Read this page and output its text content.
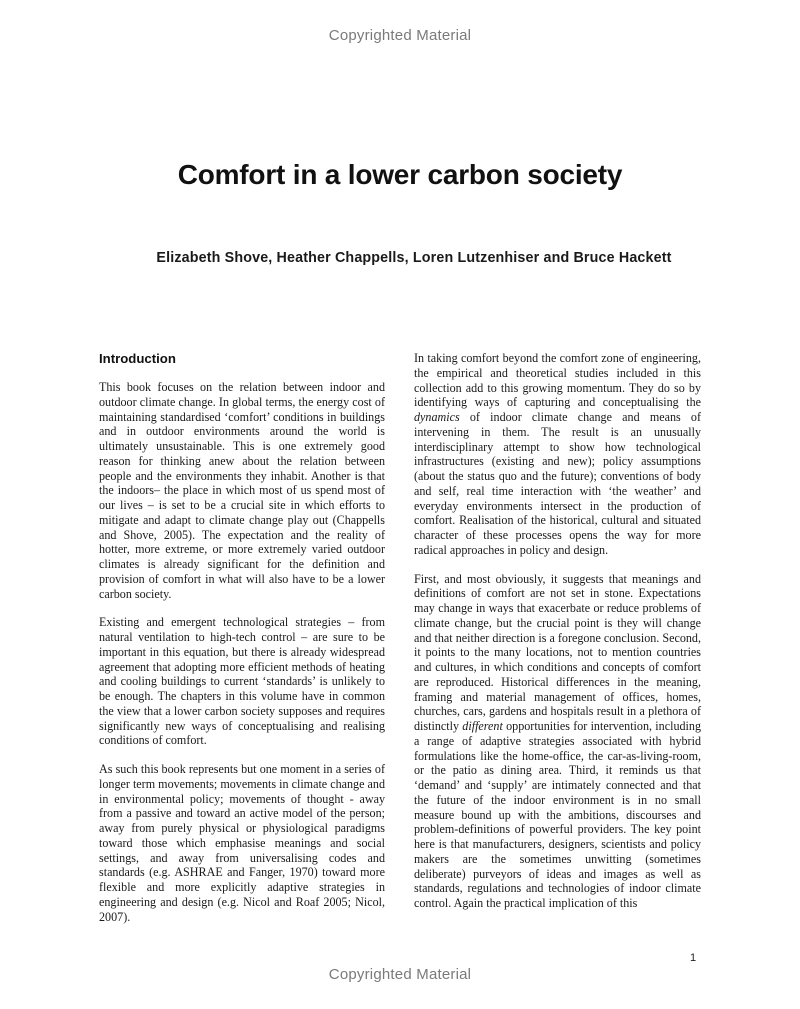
Copyrighted Material
Comfort in a lower carbon society
Elizabeth Shove, Heather Chappells, Loren Lutzenhiser and Bruce Hackett
Introduction

This book focuses on the relation between indoor and outdoor climate change. In global terms, the energy cost of maintaining standardised ‘comfort’ conditions in buildings and in outdoor environments around the world is ultimately unsustainable. This is one extremely good reason for thinking anew about the relation between people and the environments they inhabit. Another is that the indoors– the place in which most of us spend most of our lives – is set to be a crucial site in which efforts to mitigate and adapt to climate change play out (Chappells and Shove, 2005). The expectation and the reality of hotter, more extreme, or more extremely varied outdoor climates is already significant for the definition and provision of comfort in what will also have to be a lower carbon society.

Existing and emergent technological strategies – from natural ventilation to high-tech control – are sure to be important in this equation, but there is already widespread agreement that adopting more efficient methods of heating and cooling buildings to current ‘standards’ is unlikely to be enough. The chapters in this volume have in common the view that a lower carbon society supposes and requires significantly new ways of conceptualising and realising conditions of comfort.

As such this book represents but one moment in a series of longer term movements; movements in climate change and in environmental policy; movements of thought - away from a passive and toward an active model of the person; away from purely physical or physiological paradigms toward those which emphasise meanings and social settings, and away from universalising codes and standards (e.g. ASHRAE and Fanger, 1970) toward more flexible and more explicitly adaptive strategies in engineering and design (e.g. Nicol and Roaf 2005; Nicol, 2007).

In taking comfort beyond the comfort zone of engineering, the empirical and theoretical studies included in this collection add to this growing momentum. They do so by identifying ways of capturing and conceptualising the dynamics of indoor climate change and means of intervening in them. The result is an unusually interdisciplinary attempt to show how technological infrastructures (existing and new); policy assumptions (about the status quo and the future); conventions of body and self, real time interaction with ‘the weather’ and everyday environments intersect in the production of comfort. Realisation of the historical, cultural and situated character of these processes opens the way for more radical approaches in policy and design.

First, and most obviously, it suggests that meanings and definitions of comfort are not set in stone. Expectations may change in ways that exacerbate or reduce problems of climate change, but the crucial point is they will change and that neither direction is a foregone conclusion. Second, it points to the many locations, not to mention countries and cultures, in which conditions and concepts of comfort are reproduced. Historical differences in the meaning, framing and material management of offices, homes, churches, cars, gardens and hospitals result in a plethora of distinctly different opportunities for intervention, including a range of adaptive strategies associated with hybrid formulations like the home-office, the car-as-living-room, or the patio as dining area. Third, it reminds us that ‘demand’ and ‘supply’ are intimately connected and that the future of the indoor environment is in no small measure bound up with the ambitions, discourses and problem-definitions of powerful providers. The key point here is that manufacturers, designers, scientists and policy makers are the sometimes unwitting (sometimes deliberate) purveyors of ideas and images as well as standards, regulations and technologies of indoor climate control. Again the practical implication of this

1
Copyrighted Material
